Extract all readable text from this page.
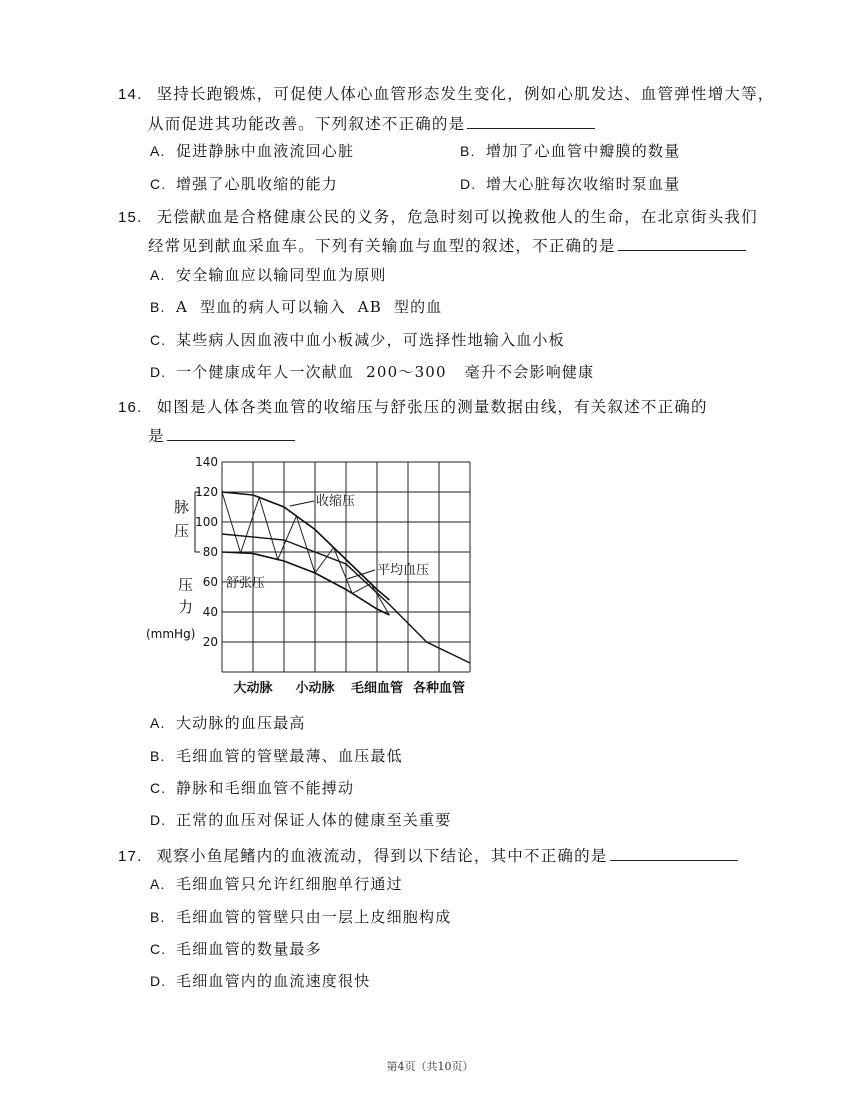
14. 坚持长跑锻炼，可促使人体心血管形态发生变化，例如心肌发达、血管弹性增大等，
从而促进其功能改善。下列叙述不正确的是
A. 促进静脉中血液流回心脏	B. 增加了心血管中瓣膜的数量
C. 增强了心肌收缩的能力	D. 增大心脏每次收缩时泵血量
15. 无偿献血是合格健康公民的义务，危急时刻可以挽救他人的生命，在北京街头我们
经常见到献血采血车。下列有关输血与血型的叙述，不正确的是
A. 安全输血应以输同型血为原则
B. A  型血的病人可以输入  AB  型的血
C. 某些病人因血液中血小板减少，可选择性地输入血小板
D. 一个健康成年人一次献血  200～300   毫升不会影响健康
16. 如图是人体各类血管的收缩压与舒张压的测量数据由线，有关叙述不正确的
是
20
40
60
80
100
120
140
大动脉 小动脉 毛细血管 各种血管
脉
压
压
力
(mmHg)
收缩压
平均血压
舒张压
A. 大动脉的血压最高
B. 毛细血管的管壁最薄、血压最低
C. 静脉和毛细血管不能搏动
D. 正常的血压对保证人体的健康至关重要
17. 观察小鱼尾鳍内的血液流动，得到以下结论，其中不正确的是
A. 毛细血管只允许红细胞单行通过
B. 毛细血管的管壁只由一层上皮细胞构成
C. 毛细血管的数量最多
D. 毛细血管内的血流速度很快
第4页（共10页）
